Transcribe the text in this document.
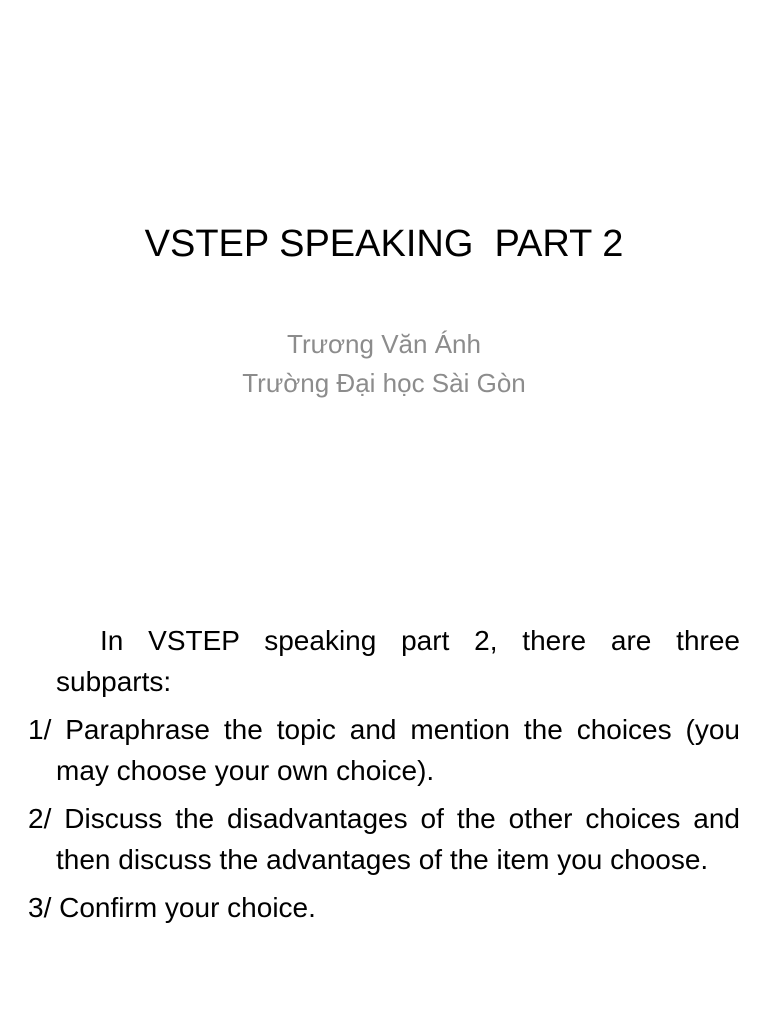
VSTEP SPEAKING  PART 2
Trương Văn Ánh
Trường Đại học Sài Gòn

In VSTEP speaking part 2, there are three subparts:

1/ Paraphrase the topic and mention the choices (you may choose your own choice).

2/ Discuss the disadvantages of the other choices and then discuss the advantages of the item you choose.

3/ Confirm your choice.
